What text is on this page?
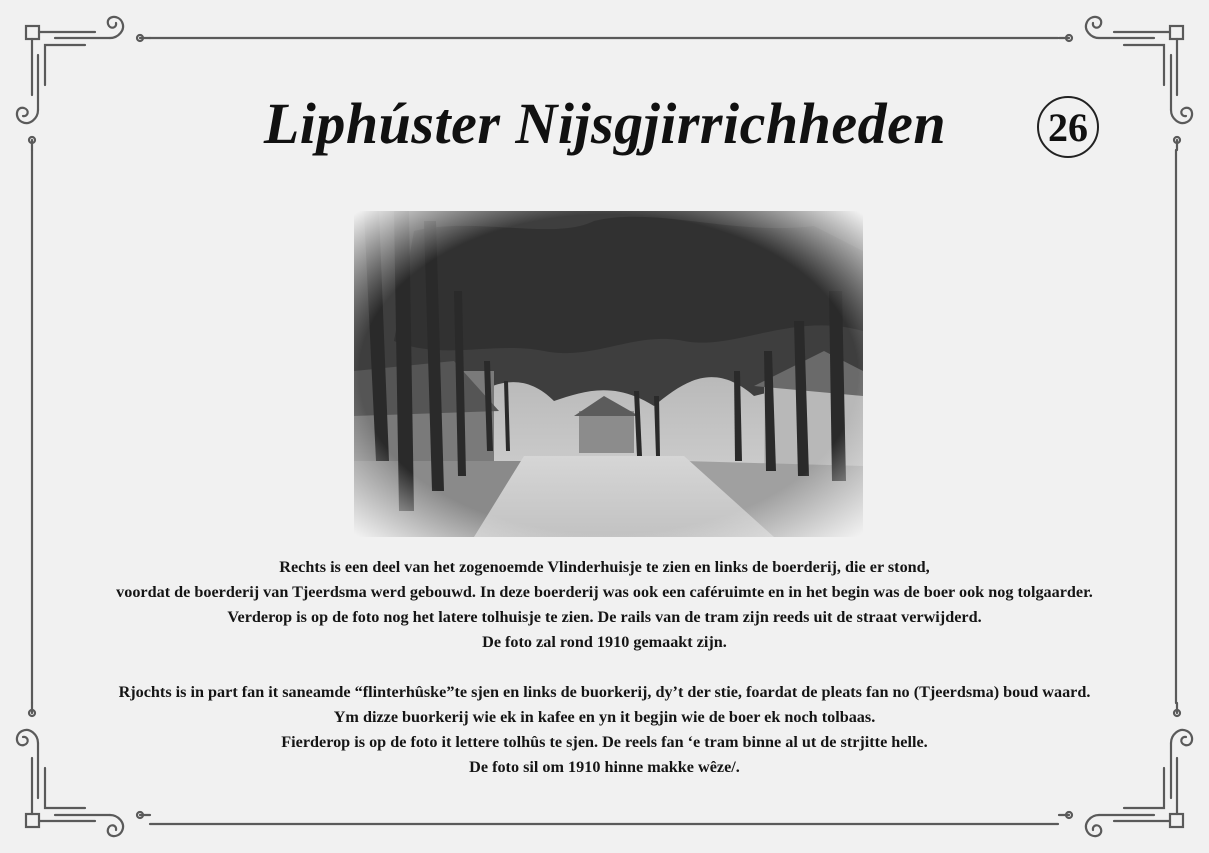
Liphúster Nijsgjirrichheden	26
Rechts is een deel van het zogenoemde Vlinderhuisje te zien en links de boerderij, die er stond,
voordat de boerderij van Tjeerdsma werd gebouwd. In deze boerderij was ook een caféruimte en in het begin was de boer ook nog tolgaarder.
Verderop is op de foto nog het latere tolhuisje te zien. De rails van de tram zijn reeds uit de straat verwijderd.
De foto zal rond 1910 gemaakt zijn.
Rjochts is in part fan it saneamde “flinterhûske”te sjen en links de buorkerij, dy’t der stie, foardat de pleats fan no (Tjeerdsma) boud waard.
Ym dizze buorkerij wie ek in kafee en yn it begjin wie de boer ek noch tolbaas.
Fierderop is op de foto it lettere tolhûs te sjen. De reels fan ‘e tram binne al ut de strjitte helle.
De foto sil om 1910 hinne makke wêze/.
